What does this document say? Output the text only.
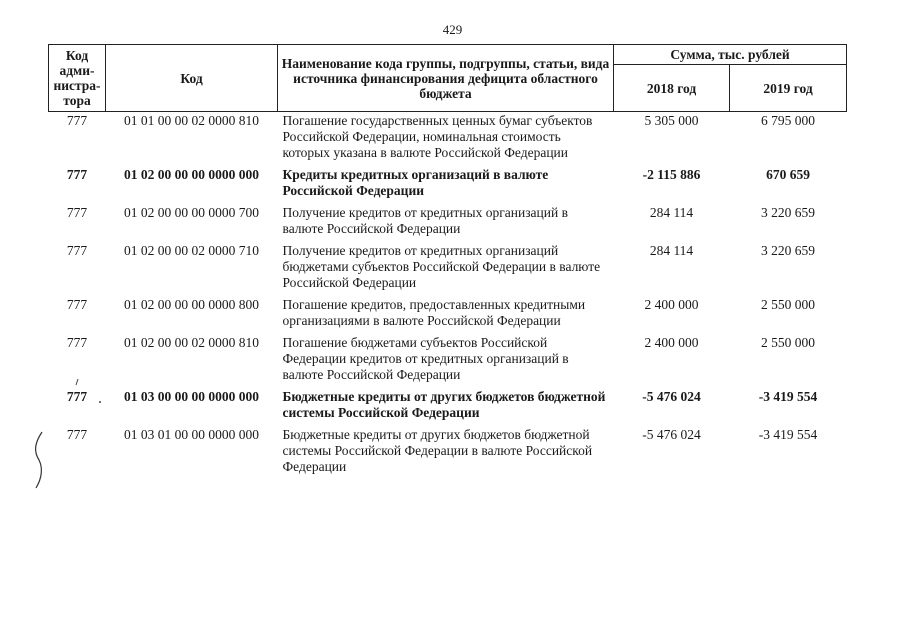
429
Код адми-нистра-тора	Код	Наименование кода группы, подгруппы, статьи, вида источника финансирования дефицита областного бюджета	Сумма, тыс. рублей	
			2018 год	2019 год
777	01 01 00 00 02 0000 810	Погашение государственных ценных бумаг субъектов Российской Федерации, номинальная стоимость которых указана в валюте Российской Федерации	5 305 000	6 795 000
777	01 02 00 00 00 0000 000	Кредиты кредитных организаций в валюте Российской Федерации	-2 115 886	670 659
777	01 02 00 00 00 0000 700	Получение кредитов от кредитных организаций в валюте Российской Федерации	284 114	3 220 659
777	01 02 00 00 02 0000 710	Получение кредитов от кредитных организаций бюджетами субъектов Российской Федерации в валюте Российской Федерации	284 114	3 220 659
777	01 02 00 00 00 0000 800	Погашение кредитов, предоставленных кредитными организациями в валюте Российской Федерации	2 400 000	2 550 000
777	01 02 00 00 02 0000 810	Погашение бюджетами субъектов Российской Федерации кредитов от кредитных организаций в валюте Российской Федерации	2 400 000	2 550 000
777	01 03 00 00 00 0000 000	Бюджетные кредиты от других бюджетов бюджетной системы Российской Федерации	-5 476 024	-3 419 554
777	01 03 01 00 00 0000 000	Бюджетные кредиты от других бюджетов бюджетной системы Российской Федерации в валюте Российской Федерации	-5 476 024	-3 419 554
